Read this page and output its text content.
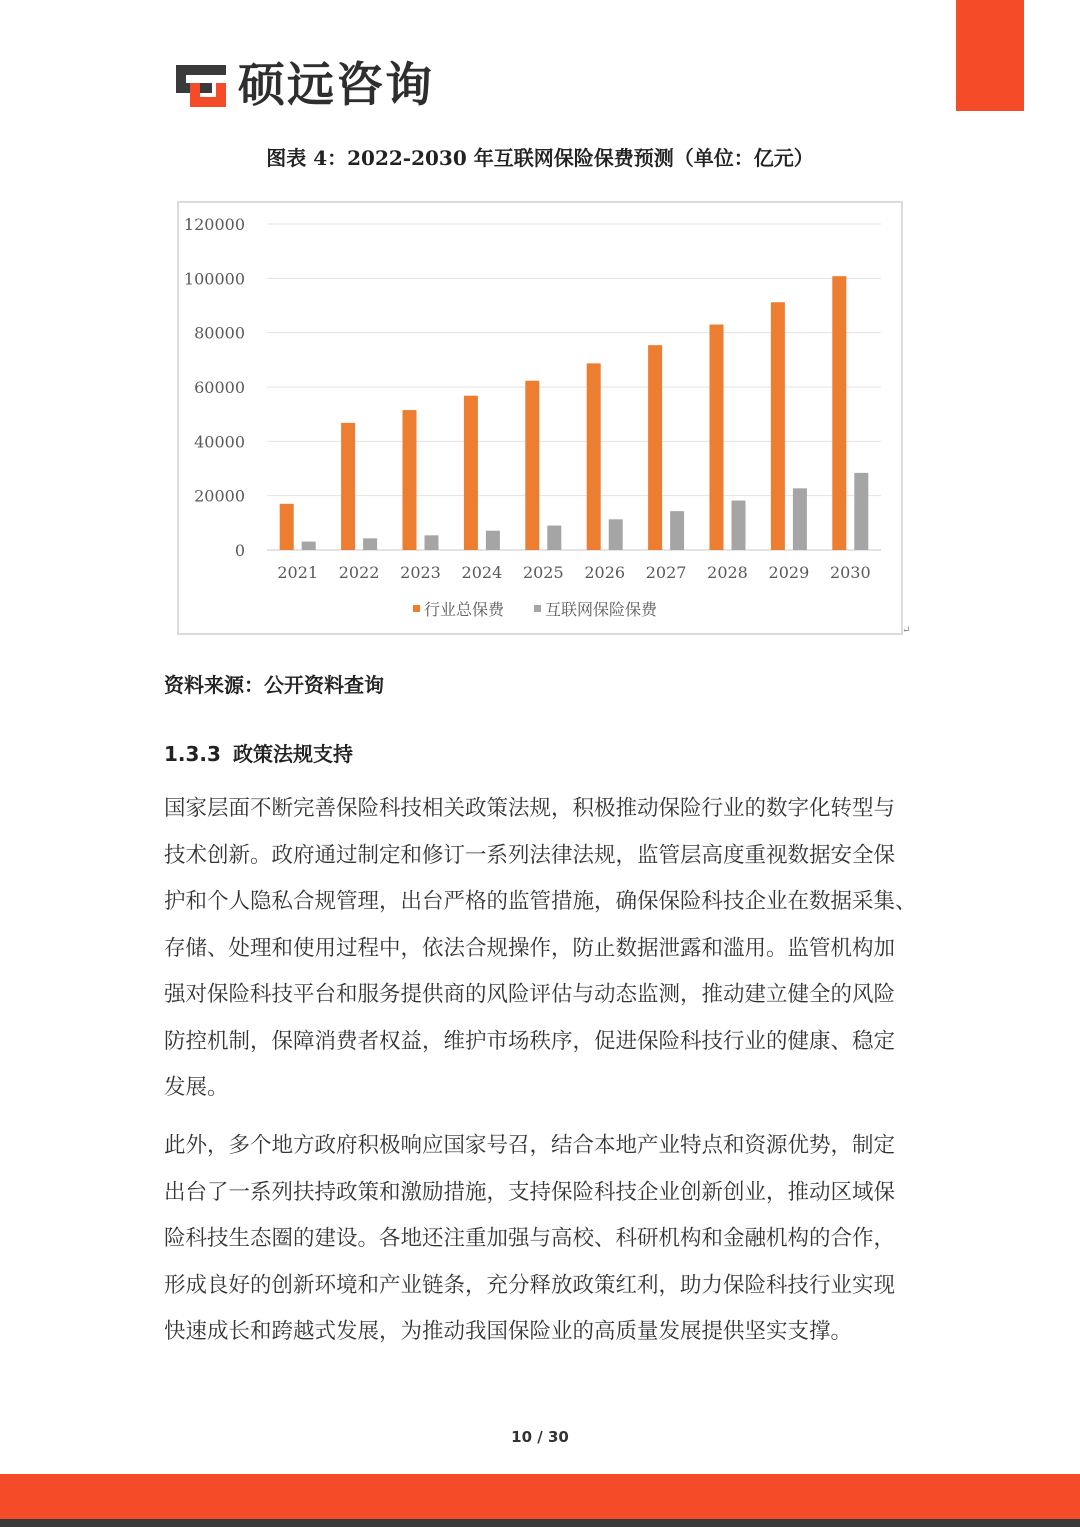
硕远咨询
图表 4：2022-2030 年互联网保险保费预测（单位：亿元）
0
20000
40000
60000
80000
100000
120000
2021 2022 2023 2024 2025 2026 2027 2028 2029 2030
行业总保费	互联网保险保费
↵
资料来源：公开资料查询
1.3.3 政策法规支持

国家层面不断完善保险科技相关政策法规，积极推动保险行业的数字化转型与
技术创新。政府通过制定和修订一系列法律法规，监管层高度重视数据安全保
护和个人隐私合规管理，出台严格的监管措施，确保保险科技企业在数据采集、
存储、处理和使用过程中，依法合规操作，防止数据泄露和滥用。监管机构加
强对保险科技平台和服务提供商的风险评估与动态监测，推动建立健全的风险
防控机制，保障消费者权益，维护市场秩序，促进保险科技行业的健康、稳定
发展。

此外，多个地方政府积极响应国家号召，结合本地产业特点和资源优势，制定
出台了一系列扶持政策和激励措施，支持保险科技企业创新创业，推动区域保
险科技生态圈的建设。各地还注重加强与高校、科研机构和金融机构的合作，
形成良好的创新环境和产业链条，充分释放政策红利，助力保险科技行业实现
快速成长和跨越式发展，为推动我国保险业的高质量发展提供坚实支撑。

10 / 30
